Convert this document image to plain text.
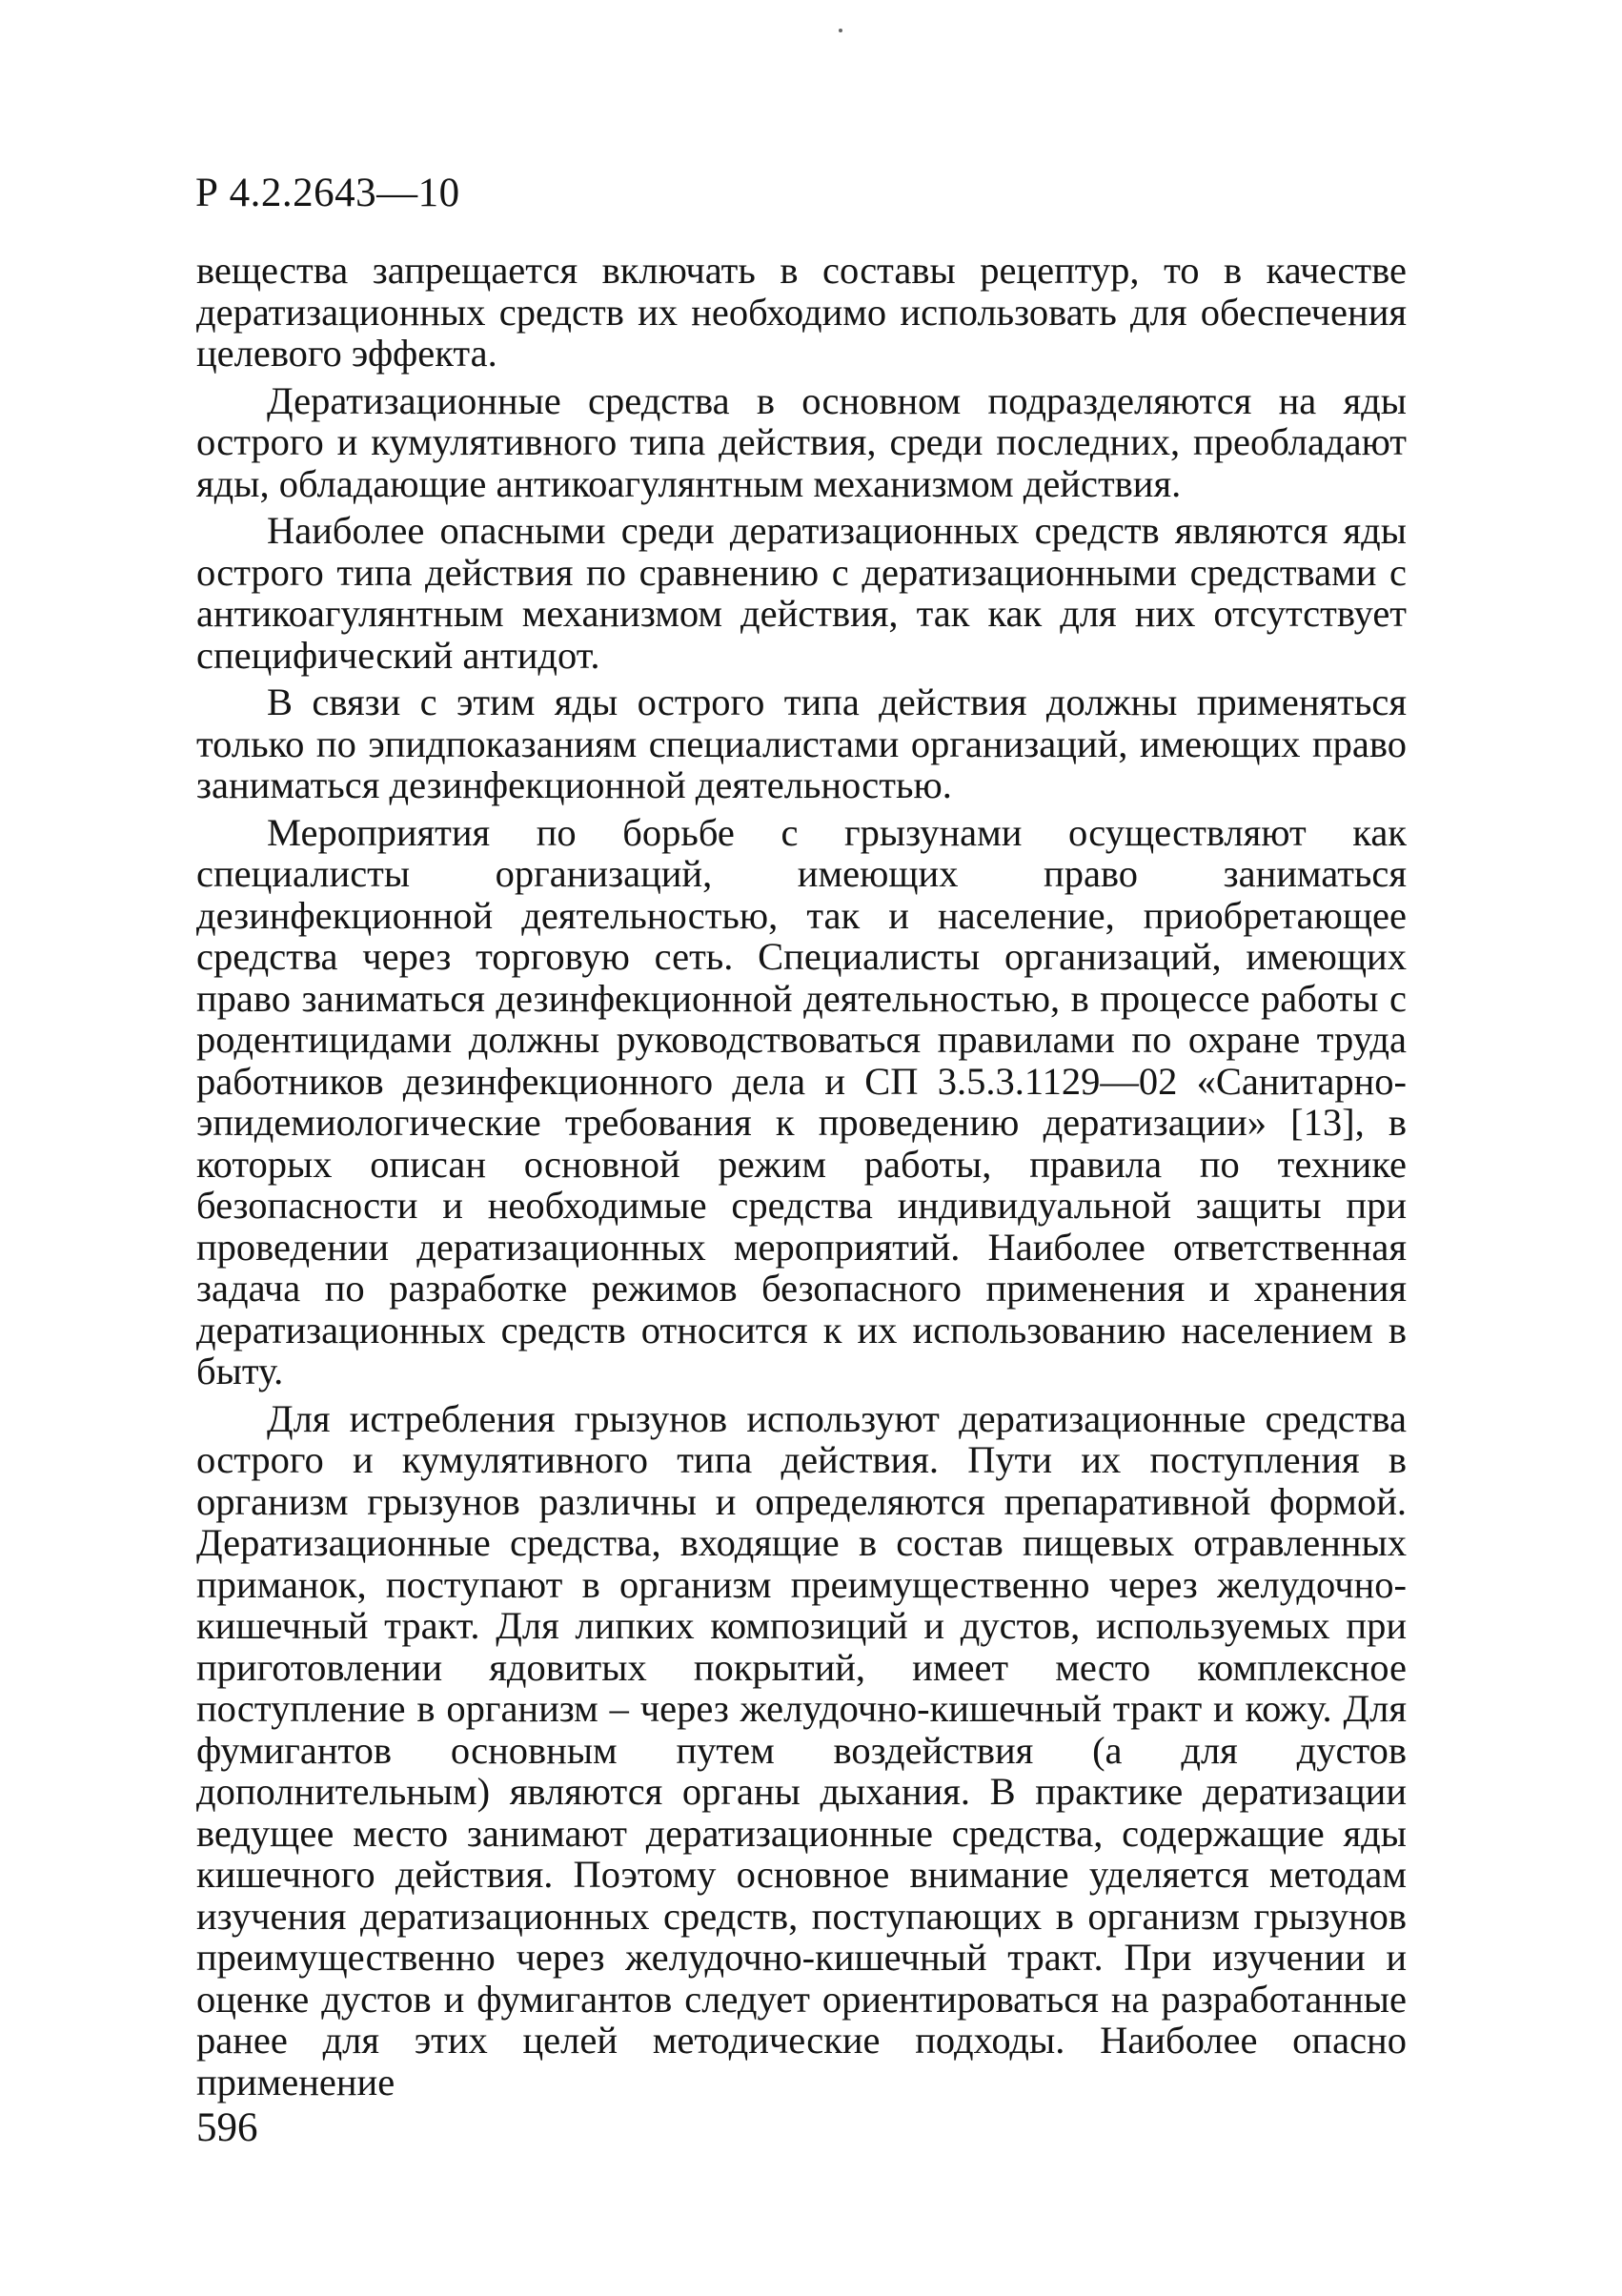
Р 4.2.2643—10

вещества запрещается включать в составы рецептур, то в качестве дератизационных средств их необходимо использовать для обеспечения целевого эффекта.

Дератизационные средства в основном подразделяются на яды острого и кумулятивного типа действия, среди последних, преобладают яды, обладающие антикоагулянтным механизмом действия.

Наиболее опасными среди дератизационных средств являются яды острого типа действия по сравнению с дератизационными средствами с антикоагулянтным механизмом действия, так как для них отсутствует специфический антидот.

В связи с этим яды острого типа действия должны применяться только по эпидпоказаниям специалистами организаций, имеющих право заниматься дезинфекционной деятельностью.

Мероприятия по борьбе с грызунами осуществляют как специалисты организаций, имеющих право заниматься дезинфекционной деятельностью, так и население, приобретающее средства через торговую сеть. Специалисты организаций, имеющих право заниматься дезинфекционной деятельностью, в процессе работы с родентицидами должны руководствоваться правилами по охране труда работников дезинфекционного дела и СП 3.5.3.1129—02 «Санитарно-эпидемиологические требования к проведению дератизации» [13], в которых описан основной режим работы, правила по технике безопасности и необходимые средства индивидуальной защиты при проведении дератизационных мероприятий. Наиболее ответственная задача по разработке режимов безопасного применения и хранения дератизационных средств относится к их использованию населением в быту.

Для истребления грызунов используют дератизационные средства острого и кумулятивного типа действия. Пути их поступления в организм грызунов различны и определяются препаративной формой. Дератизационные средства, входящие в состав пищевых отравленных приманок, поступают в организм преимущественно через желудочно-кишечный тракт. Для липких композиций и дустов, используемых при приготовлении ядовитых покрытий, имеет место комплексное поступление в организм – через желудочно-кишечный тракт и кожу. Для фумигантов основным путем воздействия (а для дустов дополнительным) являются органы дыхания. В практике дератизации ведущее место занимают дератизационные средства, содержащие яды кишечного действия. Поэтому основное внимание уделяется методам изучения дератизационных средств, поступающих в организм грызунов преимущественно через желудочно-кишечный тракт. При изучении и оценке дустов и фумигантов следует ориентироваться на разработанные ранее для этих целей методические подходы. Наиболее опасно применение

596
